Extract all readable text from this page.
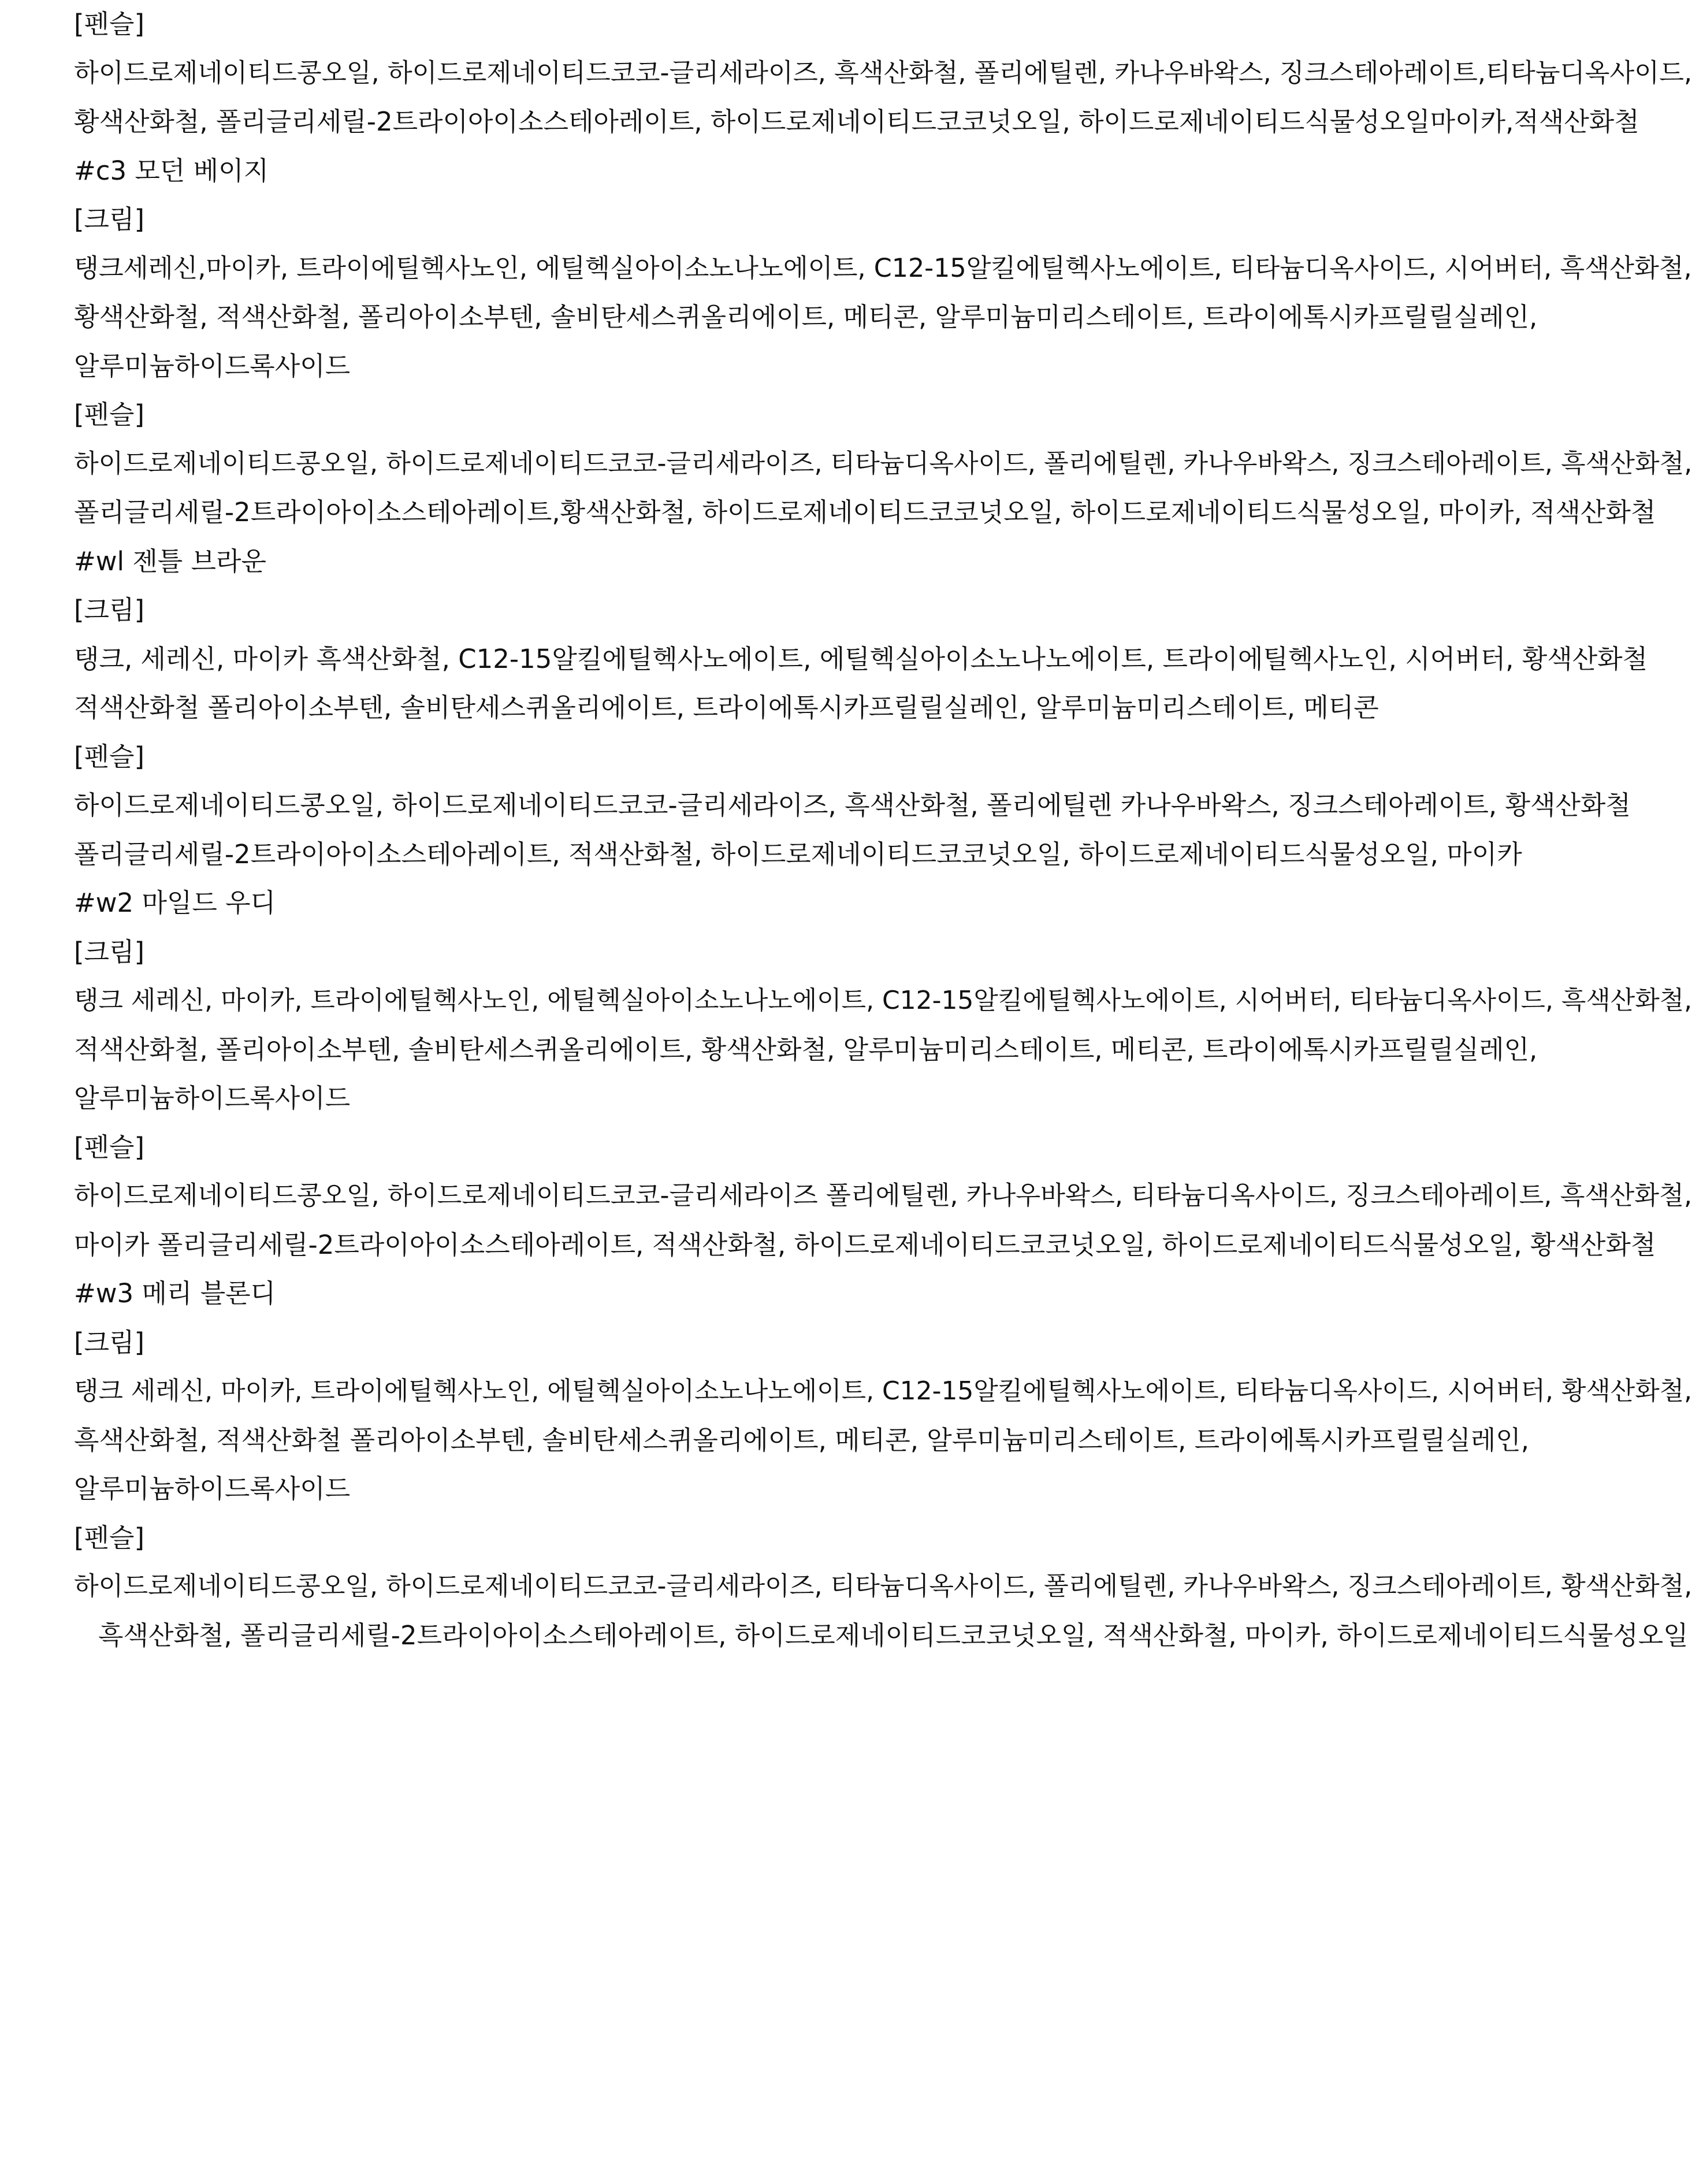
[펜슬]

하이드로제네이티드콩오일, 하이드로제네이티드코코-글리세라이즈, 흑색산화철, 폴리에틸렌, 카나우바왁스, 징크스테아레이트,티타늄디옥사이드,

황색산화철, 폴리글리세릴-2트라이아이소스테아레이트, 하이드로제네이티드코코넛오일, 하이드로제네이티드식물성오일마이카,적색산화철

#c3 모던 베이지

[크림]

탱크세레신,마이카, 트라이에틸헥사노인, 에틸헥실아이소노나노에이트, C12-15알킬에틸헥사노에이트, 티타늄디옥사이드, 시어버터, 흑색산화철,

황색산화철, 적색산화철, 폴리아이소부텐, 솔비탄세스퀴올리에이트, 메티콘, 알루미늄미리스테이트, 트라이에톡시카프릴릴실레인,

알루미늄하이드록사이드

[펜슬]

하이드로제네이티드콩오일, 하이드로제네이티드코코-글리세라이즈, 티타늄디옥사이드, 폴리에틸렌, 카나우바왁스, 징크스테아레이트, 흑색산화철,

폴리글리세릴-2트라이아이소스테아레이트,황색산화철, 하이드로제네이티드코코넛오일, 하이드로제네이티드식물성오일, 마이카, 적색산화철

#wl 젠틀 브라운

[크림]

탱크, 세레신, 마이카 흑색산화철, C12-15알킬에틸헥사노에이트, 에틸헥실아이소노나노에이트, 트라이에틸헥사노인, 시어버터, 황색산화철

적색산화철 폴리아이소부텐, 솔비탄세스퀴올리에이트, 트라이에톡시카프릴릴실레인, 알루미늄미리스테이트, 메티콘

[펜슬]

하이드로제네이티드콩오일, 하이드로제네이티드코코-글리세라이즈, 흑색산화철, 폴리에틸렌 카나우바왁스, 징크스테아레이트, 황색산화철

폴리글리세릴-2트라이아이소스테아레이트, 적색산화철, 하이드로제네이티드코코넛오일, 하이드로제네이티드식물성오일, 마이카

#w2 마일드 우디

[크림]

탱크 세레신, 마이카, 트라이에틸헥사노인, 에틸헥실아이소노나노에이트, C12-15알킬에틸헥사노에이트, 시어버터, 티타늄디옥사이드, 흑색산화철,

적색산화철, 폴리아이소부텐, 솔비탄세스퀴올리에이트, 황색산화철, 알루미늄미리스테이트, 메티콘, 트라이에톡시카프릴릴실레인,

알루미늄하이드록사이드

[펜슬]

하이드로제네이티드콩오일, 하이드로제네이티드코코-글리세라이즈 폴리에틸렌, 카나우바왁스, 티타늄디옥사이드, 징크스테아레이트, 흑색산화철,

마이카 폴리글리세릴-2트라이아이소스테아레이트, 적색산화철, 하이드로제네이티드코코넛오일, 하이드로제네이티드식물성오일, 황색산화철

#w3 메리 블론디

[크림]

탱크 세레신, 마이카, 트라이에틸헥사노인, 에틸헥실아이소노나노에이트, C12-15알킬에틸헥사노에이트, 티타늄디옥사이드, 시어버터, 황색산화철,

흑색산화철, 적색산화철 폴리아이소부텐, 솔비탄세스퀴올리에이트, 메티콘, 알루미늄미리스테이트, 트라이에톡시카프릴릴실레인,

알루미늄하이드록사이드

[펜슬]

하이드로제네이티드콩오일, 하이드로제네이티드코코-글리세라이즈, 티타늄디옥사이드, 폴리에틸렌, 카나우바왁스, 징크스테아레이트, 황색산화철,

흑색산화철, 폴리글리세릴-2트라이아이소스테아레이트, 하이드로제네이티드코코넛오일, 적색산화철, 마이카, 하이드로제네이티드식물성오일
